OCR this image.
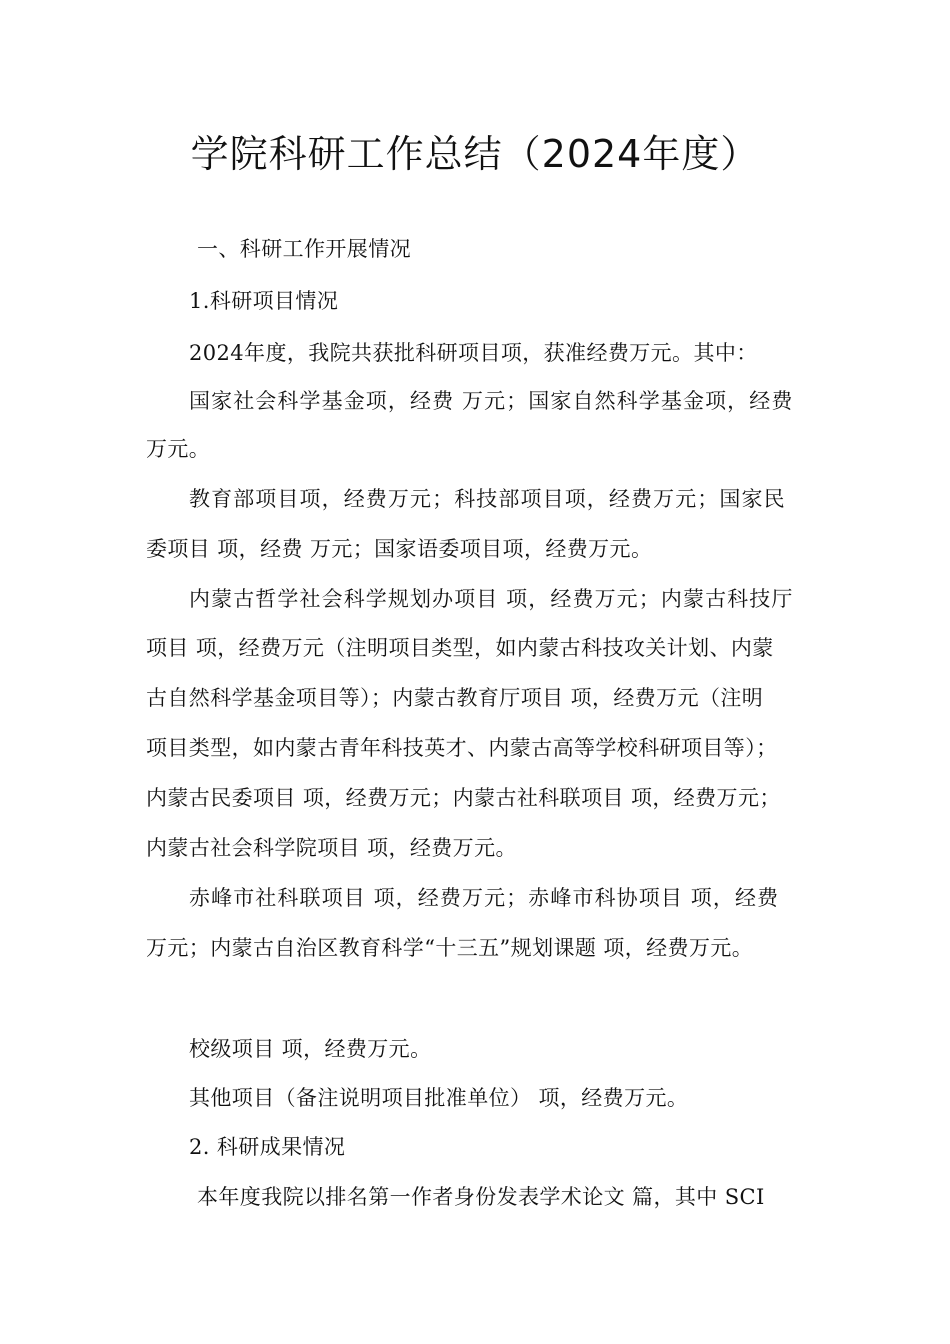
学院科研工作总结（2024年度）
一、科研工作开展情况
1.科研项目情况
2024年度，我院共获批科研项目项，获准经费万元。其中：
国家社会科学基金项，经费 万元；国家自然科学基金项，经费
万元。
教育部项目项，经费万元；科技部项目项，经费万元；国家民
委项目 项，经费 万元；国家语委项目项，经费万元。
内蒙古哲学社会科学规划办项目 项，经费万元；内蒙古科技厅
项目 项，经费万元（注明项目类型，如内蒙古科技攻关计划、内蒙
古自然科学基金项目等）；内蒙古教育厅项目 项，经费万元（注明
项目类型，如内蒙古青年科技英才、内蒙古高等学校科研项目等）；
内蒙古民委项目 项，经费万元；内蒙古社科联项目 项，经费万元；
内蒙古社会科学院项目 项，经费万元。
赤峰市社科联项目 项，经费万元；赤峰市科协项目 项，经费
万元；内蒙古自治区教育科学“十三五”规划课题 项，经费万元。
校级项目 项，经费万元。
其他项目（备注说明项目批准单位） 项，经费万元。
2. 科研成果情况
本年度我院以排名第一作者身份发表学术论文 篇，其中 SCI
